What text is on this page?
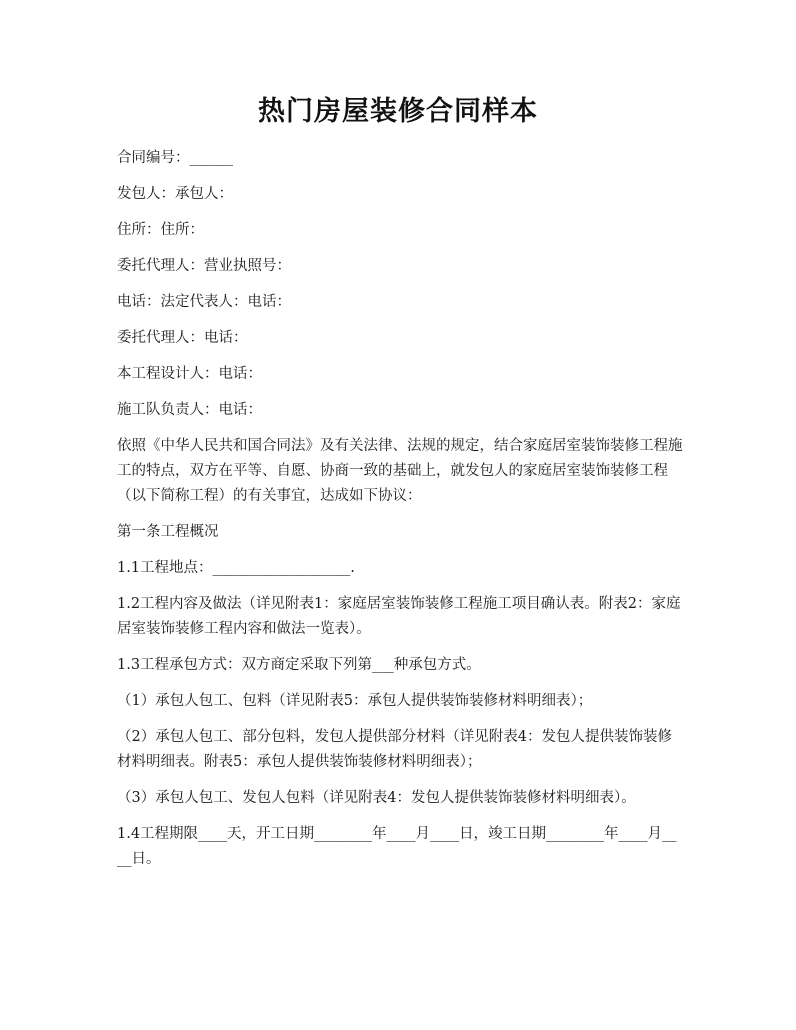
热门房屋装修合同样本

合同编号：______

发包人：承包人：

住所：住所：

委托代理人：营业执照号：

电话：法定代表人：电话：

委托代理人：电话：

本工程设计人：电话：

施工队负责人：电话：

依照《中华人民共和国合同法》及有关法律、法规的规定，结合家庭居室装饰装修工程施工的特点，双方在平等、自愿、协商一致的基础上，就发包人的家庭居室装饰装修工程（以下简称工程）的有关事宜，达成如下协议：

第一条工程概况

1.1工程地点：___________________.

1.2工程内容及做法（详见附表1：家庭居室装饰装修工程施工项目确认表。附表2：家庭居室装饰装修工程内容和做法一览表）。

1.3工程承包方式：双方商定采取下列第___种承包方式。

（1）承包人包工、包料（详见附表5：承包人提供装饰装修材料明细表）；

（2）承包人包工、部分包料，发包人提供部分材料（详见附表4：发包人提供装饰装修材料明细表。附表5：承包人提供装饰装修材料明细表）；

（3）承包人包工、发包人包料（详见附表4：发包人提供装饰装修材料明细表）。

1.4工程期限____天，开工日期________年____月____日，竣工日期________年____月____日。
